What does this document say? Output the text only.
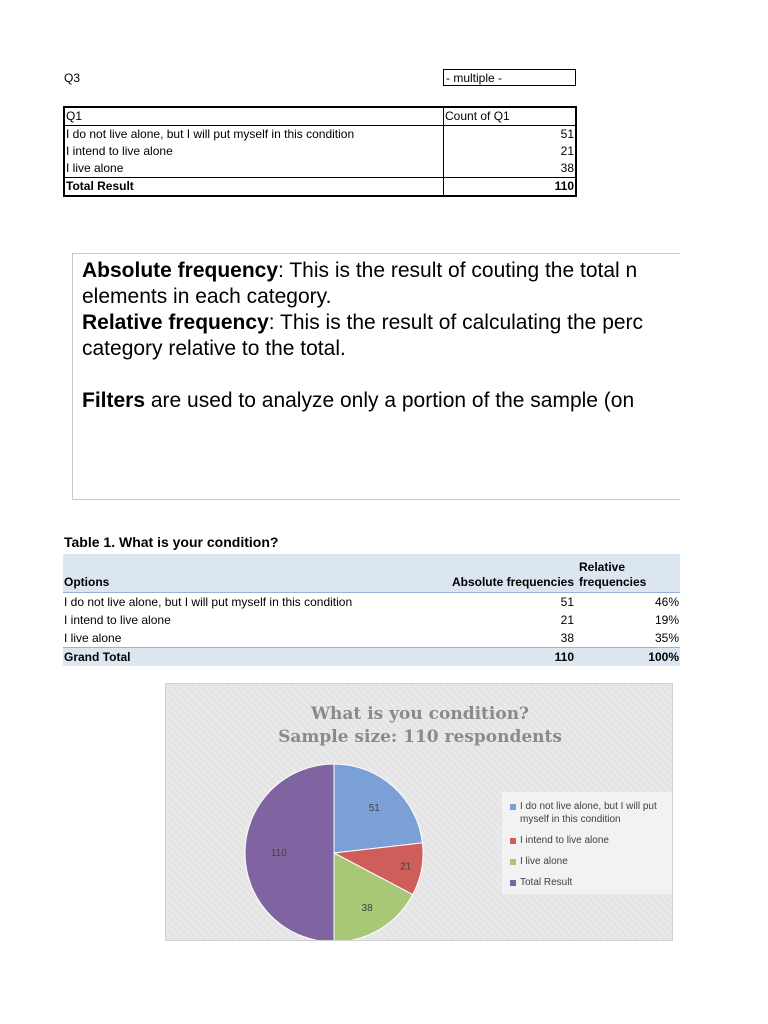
Q3	- multiple -
Q1	Count of Q1
I do not live alone, but I will put myself in this condition	51
I intend to live alone	21
I live alone	38
Total Result	110
Absolute frequency: This is the result of couting the total n
elements in each category.
Relative frequency: This is the result of calculating the perc
category relative to the total.
Filters are used to analyze only a portion of the sample (on
Table 1. What is your condition?
Options	Absolute frequencies	Relative frequencies
I do not live alone, but I will put myself in this condition	51	46%
I intend to live alone	21	19%
I live alone	38	35%
Grand Total	110	100%
What is you condition?
Sample size: 110 respondents
51
21
38
110
I do not live alone, but I will put myself in this condition
I intend to live alone
I live alone
Total Result
